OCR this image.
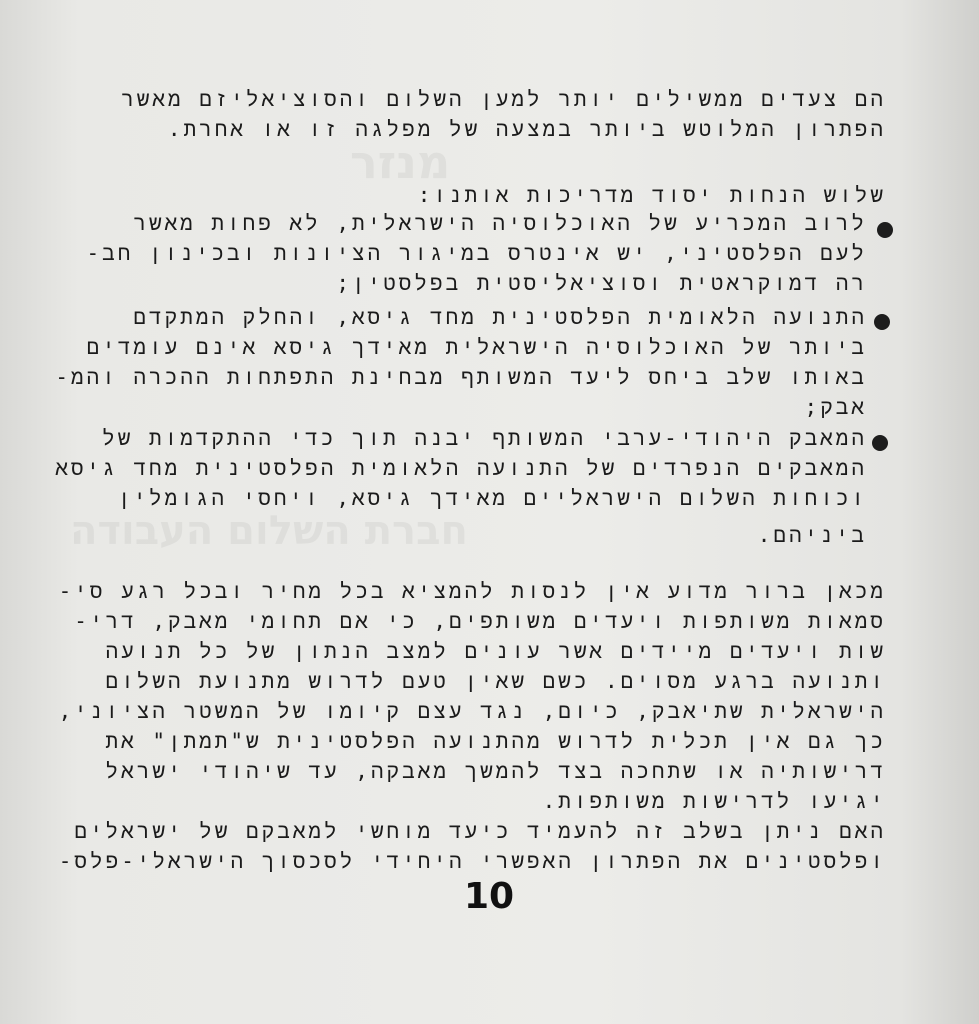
מנזר
חברת השלום העבודה
הם צעדים ממשילים יותר למען השלום והסוציאליזם מאשר
הפתרון המלוטש ביותר במצעה של מפלגה זו או אחרת.
שלוש הנחות יסוד מדריכות אותנו:
לרוב המכריע של האוכלוסיה הישראלית, לא פחות מאשר
לעם הפלסטיני, יש אינטרס במיגור הציונות ובכינון חב-
רה דמוקראטית וסוציאליסטית בפלסטין;
התנועה הלאומית הפלסטינית מחד גיסא, והחלק המתקדם
ביותר של האוכלוסיה הישראלית מאידך גיסא אינם עומדים
באותו שלב ביחס ליעד המשותף מבחינת התפתחות ההכרה והמ-
אבק;
המאבק היהודי-ערבי המשותף יבנה תוך כדי ההתקדמות של
המאבקים הנפרדים של התנועה הלאומית הפלסטינית מחד גיסא
וכוחות השלום הישראליים מאידך גיסא, ויחסי הגומלין
ביניהם.
מכאן ברור מדוע אין לנסות להמציא בכל מחיר ובכל רגע סי-
סמאות משותפות ויעדים משותפים, כי אם תחומי מאבק, דרי-
שות ויעדים מיידים אשר עונים למצב הנתון של כל תנועה
ותנועה ברגע מסוים. כשם שאין טעם לדרוש מתנועת השלום
הישראלית שתיאבק, כיום, נגד עצם קיומו של המשטר הציוני,
כך גם אין תכלית לדרוש מהתנועה הפלסטינית ש"תמתן" את
דרישותיה או שתחכה בצד להמשך מאבקה, עד שיהודי ישראל
יגיעו לדרישות משותפות.
האם ניתן בשלב זה להעמיד כיעד מוחשי למאבקם של ישראלים
ופלסטינים את הפתרון האפשרי היחידי לסכסוך הישראלי-פלס-
10
